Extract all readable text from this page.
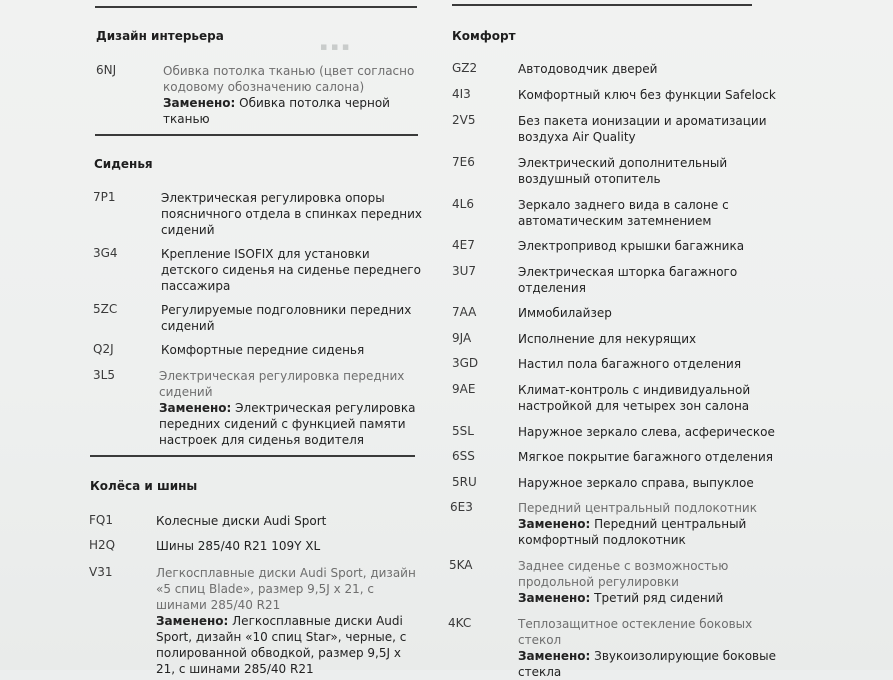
▪ ▪ ▪
Дизайн интерьера
6NJ	Обивка потолка тканью (цвет согласно кодовому обозначению салона)
Заменено: Обивка потолка черной тканью
Сиденья
7P1	Электрическая регулировка опоры поясничного отдела в спинках передних сидений
3G4	Крепление ISOFIX для установки детского сиденья на сиденье переднего пассажира
5ZC	Регулируемые подголовники передних сидений
Q2J	Комфортные передние сиденья
3L5	Электрическая регулировка передних сидений
Заменено: Электрическая регулировка передних сидений с функцией памяти настроек для сиденья водителя
Колёса и шины
FQ1	Колесные диски Audi Sport
H2Q	Шины 285/40 R21 109Y XL
V31	Легкосплавные диски Audi Sport, дизайн «5 спиц Blade», размер 9,5J x 21, с шинами 285/40 R21
Заменено: Легкосплавные диски Audi Sport, дизайн «10 спиц Star», черные, с полированной обводкой, размер 9,5J x 21, с шинами 285/40 R21
Комфорт
GZ2	Автодоводчик дверей
4I3	Комфортный ключ без функции Safelock
2V5	Без пакета ионизации и ароматизации воздуха Air Quality
7E6	Электрический дополнительный воздушный отопитель
4L6	Зеркало заднего вида в салоне с автоматическим затемнением
4E7	Электропривод крышки багажника
3U7	Электрическая шторка багажного отделения
7AA	Иммобилайзер
9JA	Исполнение для некурящих
3GD	Настил пола багажного отделения
9AE	Климат-контроль с индивидуальной настройкой для четырех зон салона
5SL	Наружное зеркало слева, асферическое
6SS	Мягкое покрытие багажного отделения
5RU	Наружное зеркало справа, выпуклое
6E3	Передний центральный подлокотник
Заменено: Передний центральный комфортный подлокотник
5KA	Заднее сиденье с возможностью продольной регулировки
Заменено: Третий ряд сидений
4KC	Теплозащитное остекление боковых стекол
Заменено: Звукоизолирующие боковые стекла
